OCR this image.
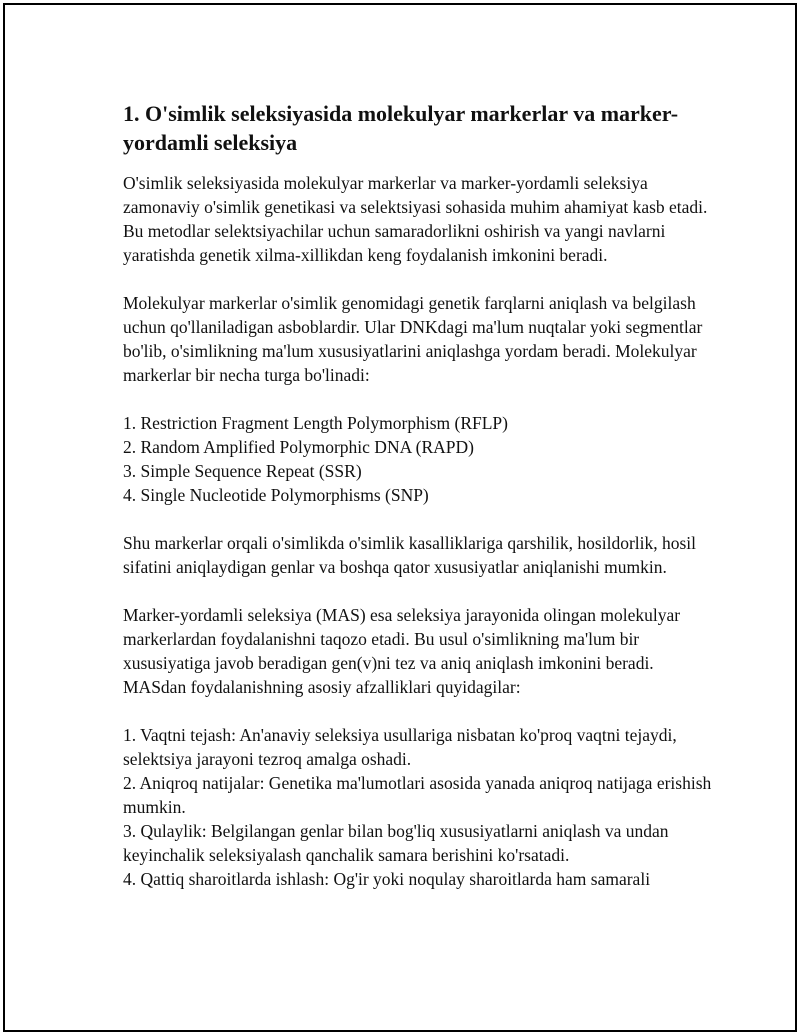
1. O'simlik seleksiyasida molekulyar markerlar va marker-yordamli seleksiya

O'simlik seleksiyasida molekulyar markerlar va marker-yordamli seleksiya zamonaviy o'simlik genetikasi va selektsiyasi sohasida muhim ahamiyat kasb etadi. Bu metodlar selektsiyachilar uchun samaradorlikni oshirish va yangi navlarni yaratishda genetik xilma-xillikdan keng foydalanish imkonini beradi.

Molekulyar markerlar o'simlik genomidagi genetik farqlarni aniqlash va belgilash uchun qo'llaniladigan asboblardir. Ular DNKdagi ma'lum nuqtalar yoki segmentlar bo'lib, o'simlikning ma'lum xususiyatlarini aniqlashga yordam beradi. Molekulyar markerlar bir necha turga bo'linadi:

1. Restriction Fragment Length Polymorphism (RFLP)
2. Random Amplified Polymorphic DNA (RAPD)
3. Simple Sequence Repeat (SSR)
4. Single Nucleotide Polymorphisms (SNP)

Shu markerlar orqali o'simlikda o'simlik kasalliklariga qarshilik, hosildorlik, hosil sifatini aniqlaydigan genlar va boshqa qator xususiyatlar aniqlanishi mumkin.

Marker-yordamli seleksiya (MAS) esa seleksiya jarayonida olingan molekulyar markerlardan foydalanishni taqozo etadi. Bu usul o'simlikning ma'lum bir xususiyatiga javob beradigan gen(v)ni tez va aniq aniqlash imkonini beradi. MASdan foydalanishning asosiy afzalliklari quyidagilar:

1. Vaqtni tejash: An'anaviy seleksiya usullariga nisbatan ko'proq vaqtni tejaydi, selektsiya jarayoni tezroq amalga oshadi.
2. Aniqroq natijalar: Genetika ma'lumotlari asosida yanada aniqroq natijaga erishish mumkin.
3. Qulaylik: Belgilangan genlar bilan bog'liq xususiyatlarni aniqlash va undan keyinchalik seleksiyalash qanchalik samara berishini ko'rsatadi.
4. Qattiq sharoitlarda ishlash: Og'ir yoki noqulay sharoitlarda ham samarali
